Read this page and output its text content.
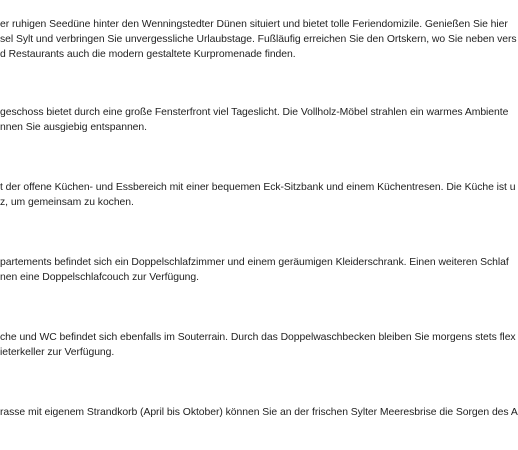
er ruhigen Seedüne hinter den Wenningstedter Dünen situiert und bietet tolle Feriendomizile. Genießen Sie hier
sel Sylt und verbringen Sie unvergessliche Urlaubstage. Fußläufig erreichen Sie den Ortskern, wo Sie neben vers
d Restaurants auch die modern gestaltete Kurpromenade finden.
geschoss bietet durch eine große Fensterfront viel Tageslicht. Die Vollholz-Möbel strahlen ein warmes Ambiente
nnen Sie ausgiebig entspannen.
t der offene Küchen- und Essbereich mit einer bequemen Eck-Sitzbank und einem Küchentresen. Die Küche ist u
z, um gemeinsam zu kochen.
partements befindet sich ein Doppelschlafzimmer und einem geräumigen Kleiderschrank. Einen weiteren Schlaf
nen eine Doppelschlafcouch zur Verfügung.
che und WC befindet sich ebenfalls im Souterrain. Durch das Doppelwaschbecken bleiben Sie morgens stets flex
ieterkeller zur Verfügung.
rasse mit eigenem Strandkorb (April bis Oktober) können Sie an der frischen Sylter Meeresbrise die Sorgen des A
